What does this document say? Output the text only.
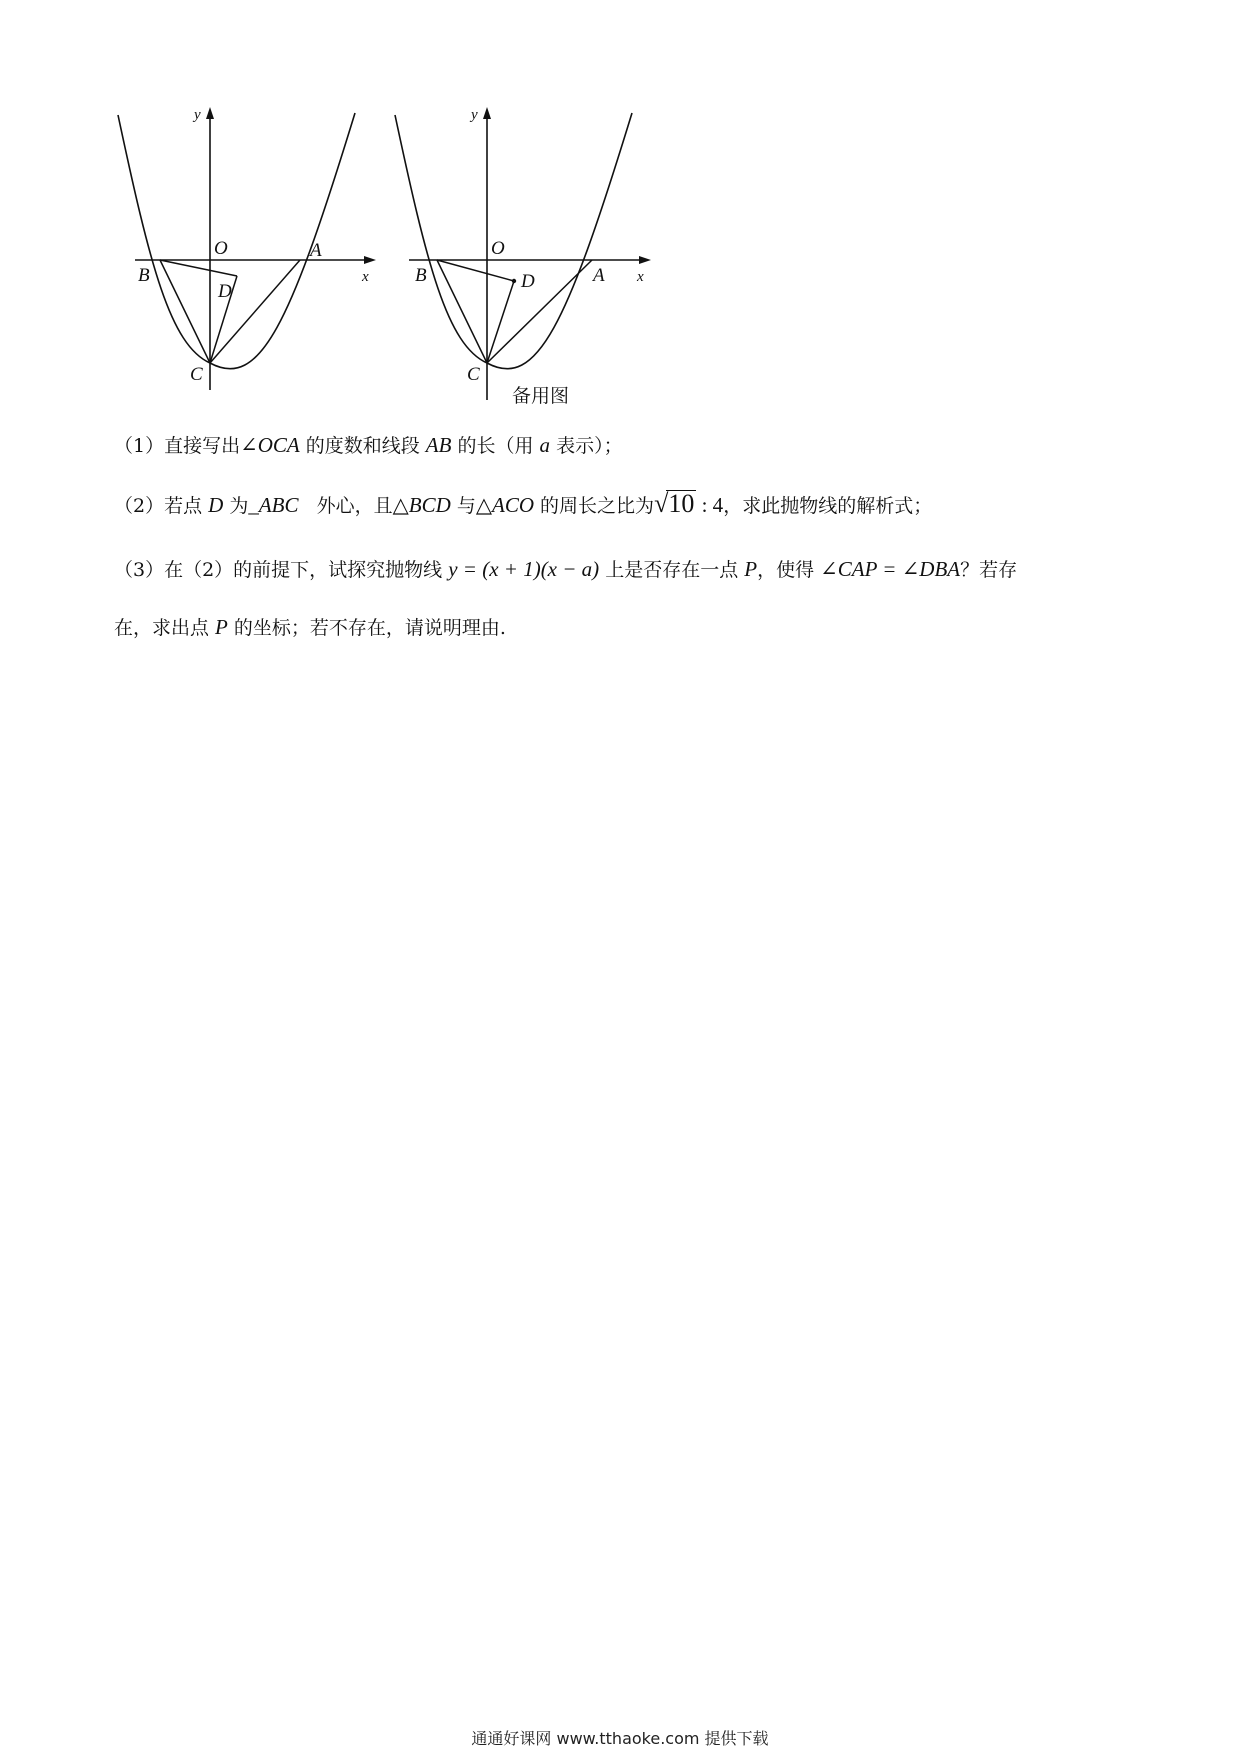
y
x
O	A
B
C
D
y
x
O
A
B
C
D
备用图
（1）直接写出∠OCA 的度数和线段 AB 的长（用 a 表示）；
（2）若点 D 为_ABC   外心，且△BCD 与△ACO 的周长之比为√10 : 4，求此抛物线的解析式；
（3）在（2）的前提下，试探究抛物线 y = (x + 1)(x − a) 上是否存在一点 P，使得 ∠CAP = ∠DBA？若存
在，求出点 P 的坐标；若不存在，请说明理由.
通通好课网 www.tthaoke.com 提供下载
